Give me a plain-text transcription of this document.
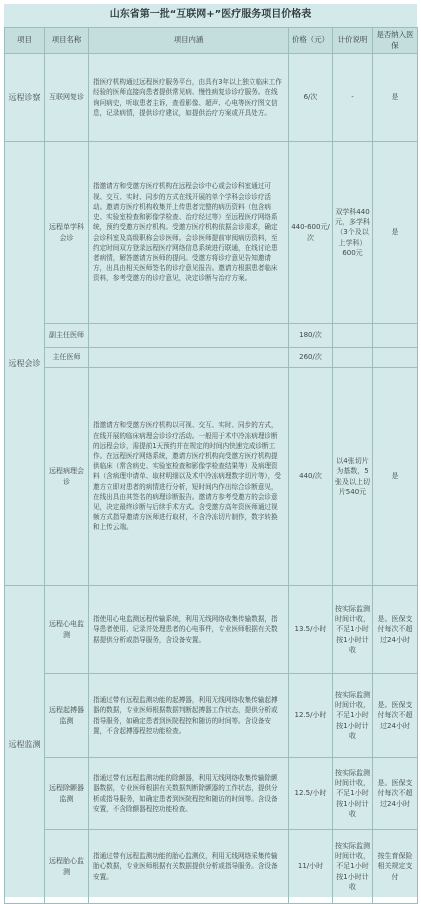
山东省第一批“互联网+”医疗服务项目价格表
项目	项目名称	项目内涵	价格（元）	计价说明	是否纳入医保
远程诊察	互联网复诊	指医疗机构通过远程医疗服务平台，由具有3年以上独立临床工作经验的医师直接向患者提供常见病、慢性病复诊诊疗服务。在线询问病史，听取患者主诉，查看影像、超声、心电等医疗图文信息，记录病情，提供诊疗建议，如提供治疗方案或开具处方。	6/次	-	是
远程会诊	远程单学科会诊	指邀请方和受邀方医疗机构在远程会诊中心或会诊科室通过可视、交互、实时、同步的方式在线开展的单个学科会诊诊疗活动。邀请方医疗机构收集并上传患者完整的病历资料（包含病史、实验室检查和影像学检查、治疗经过等）至远程医疗网络系统，预约受邀方医疗机构。受邀方医疗机构依据会诊需求，确定会诊科室及高级职称会诊医师。会诊医师提前审阅病历资料，至约定时间双方登录远程医疗网络信息系统进行联通，在线讨论患者病情，解答邀请方医师的提问。受邀方将诊疗意见告知邀请方，出具由相关医师签名的诊疗意见报告。邀请方根据患者临床资料，参考受邀方的诊疗意见，决定诊断与治疗方案。	440-600元/次	双学科440元，多学科（3个及以上学科）600元	是
	副主任医师		180/次		
	主任医师		260/次		
	远程病理会诊	指邀请方和受邀方医疗机构以可视、交互、实时、同步的方式，在线开展的临床病理会诊诊疗活动。一般用于术中冷冻病理诊断的远程会诊，需提前1天预约并在规定的时间内快速完成诊断工作。在远程医疗网络系统，邀请方医疗机构向受邀方医疗机构提供临床（常含病史、实验室检查和影像学检查结果等）及病理资料（含病理申请单、取材明细以及术中冷冻病理数字切片等），受邀方立即对患者的病情进行分析，短时间内作出综合诊断意见，在线出具由其签名的病理诊断报告。邀请方参考受邀方的会诊意见，决定最终诊断与后续手术方式。含受邀方高年资医师通过视频方式指导邀请方医师进行取材，不含冷冻切片制作，数字转换和上传云端。	440/次	以4张切片为基数，5张及以上切片540元	是
远程监测	远程心电监测	指使用心电监测远程传输系统，利用无线网络收集传输数据，指导患者使用、记录并处理患者的心电事件，专业医师根据有关数据提供分析或指导服务，含设备安置。	13.5/小时	按实际监测时间计收，不足1小时按1小时计收	是。医保支付每次不超过24小时
	远程起搏器监测	指通过带有远程监测功能的起搏器，利用无线网络收集传输起搏器的数据，专业医师根据数据判断起搏器工作状态，提供分析或指导服务，如确定患者到医院程控和随访的时间等。含设备安置，不含起搏器程控功能检查。	12.5/小时	按实际监测时间计收，不足1小时按1小时计收	是。医保支付每次不超过24小时
	远程除颤器监测	指通过带有远程监测功能的除颤器，利用无线网络收集传输除颤器数据，专业医师根据有关数据判断除颤器的工作状态，提供分析或指导服务，如确定患者到医院程控和随访的时间等。含设备安置，不含除颤器程控功能检查。	12.5/小时	按实际监测时间计收，不足1小时按1小时计收	是。医保支付每次不超过24小时
	远程胎心监测	指通过带有远程监测功能的胎心监测仪，利用无线网络采集传输胎心数据，专业医师根据有关数据提供分析或指导服务。含设备安置。	11/小时	按实际监测时间计收，不足1小时按1小时计收	按生育保险相关规定支付
